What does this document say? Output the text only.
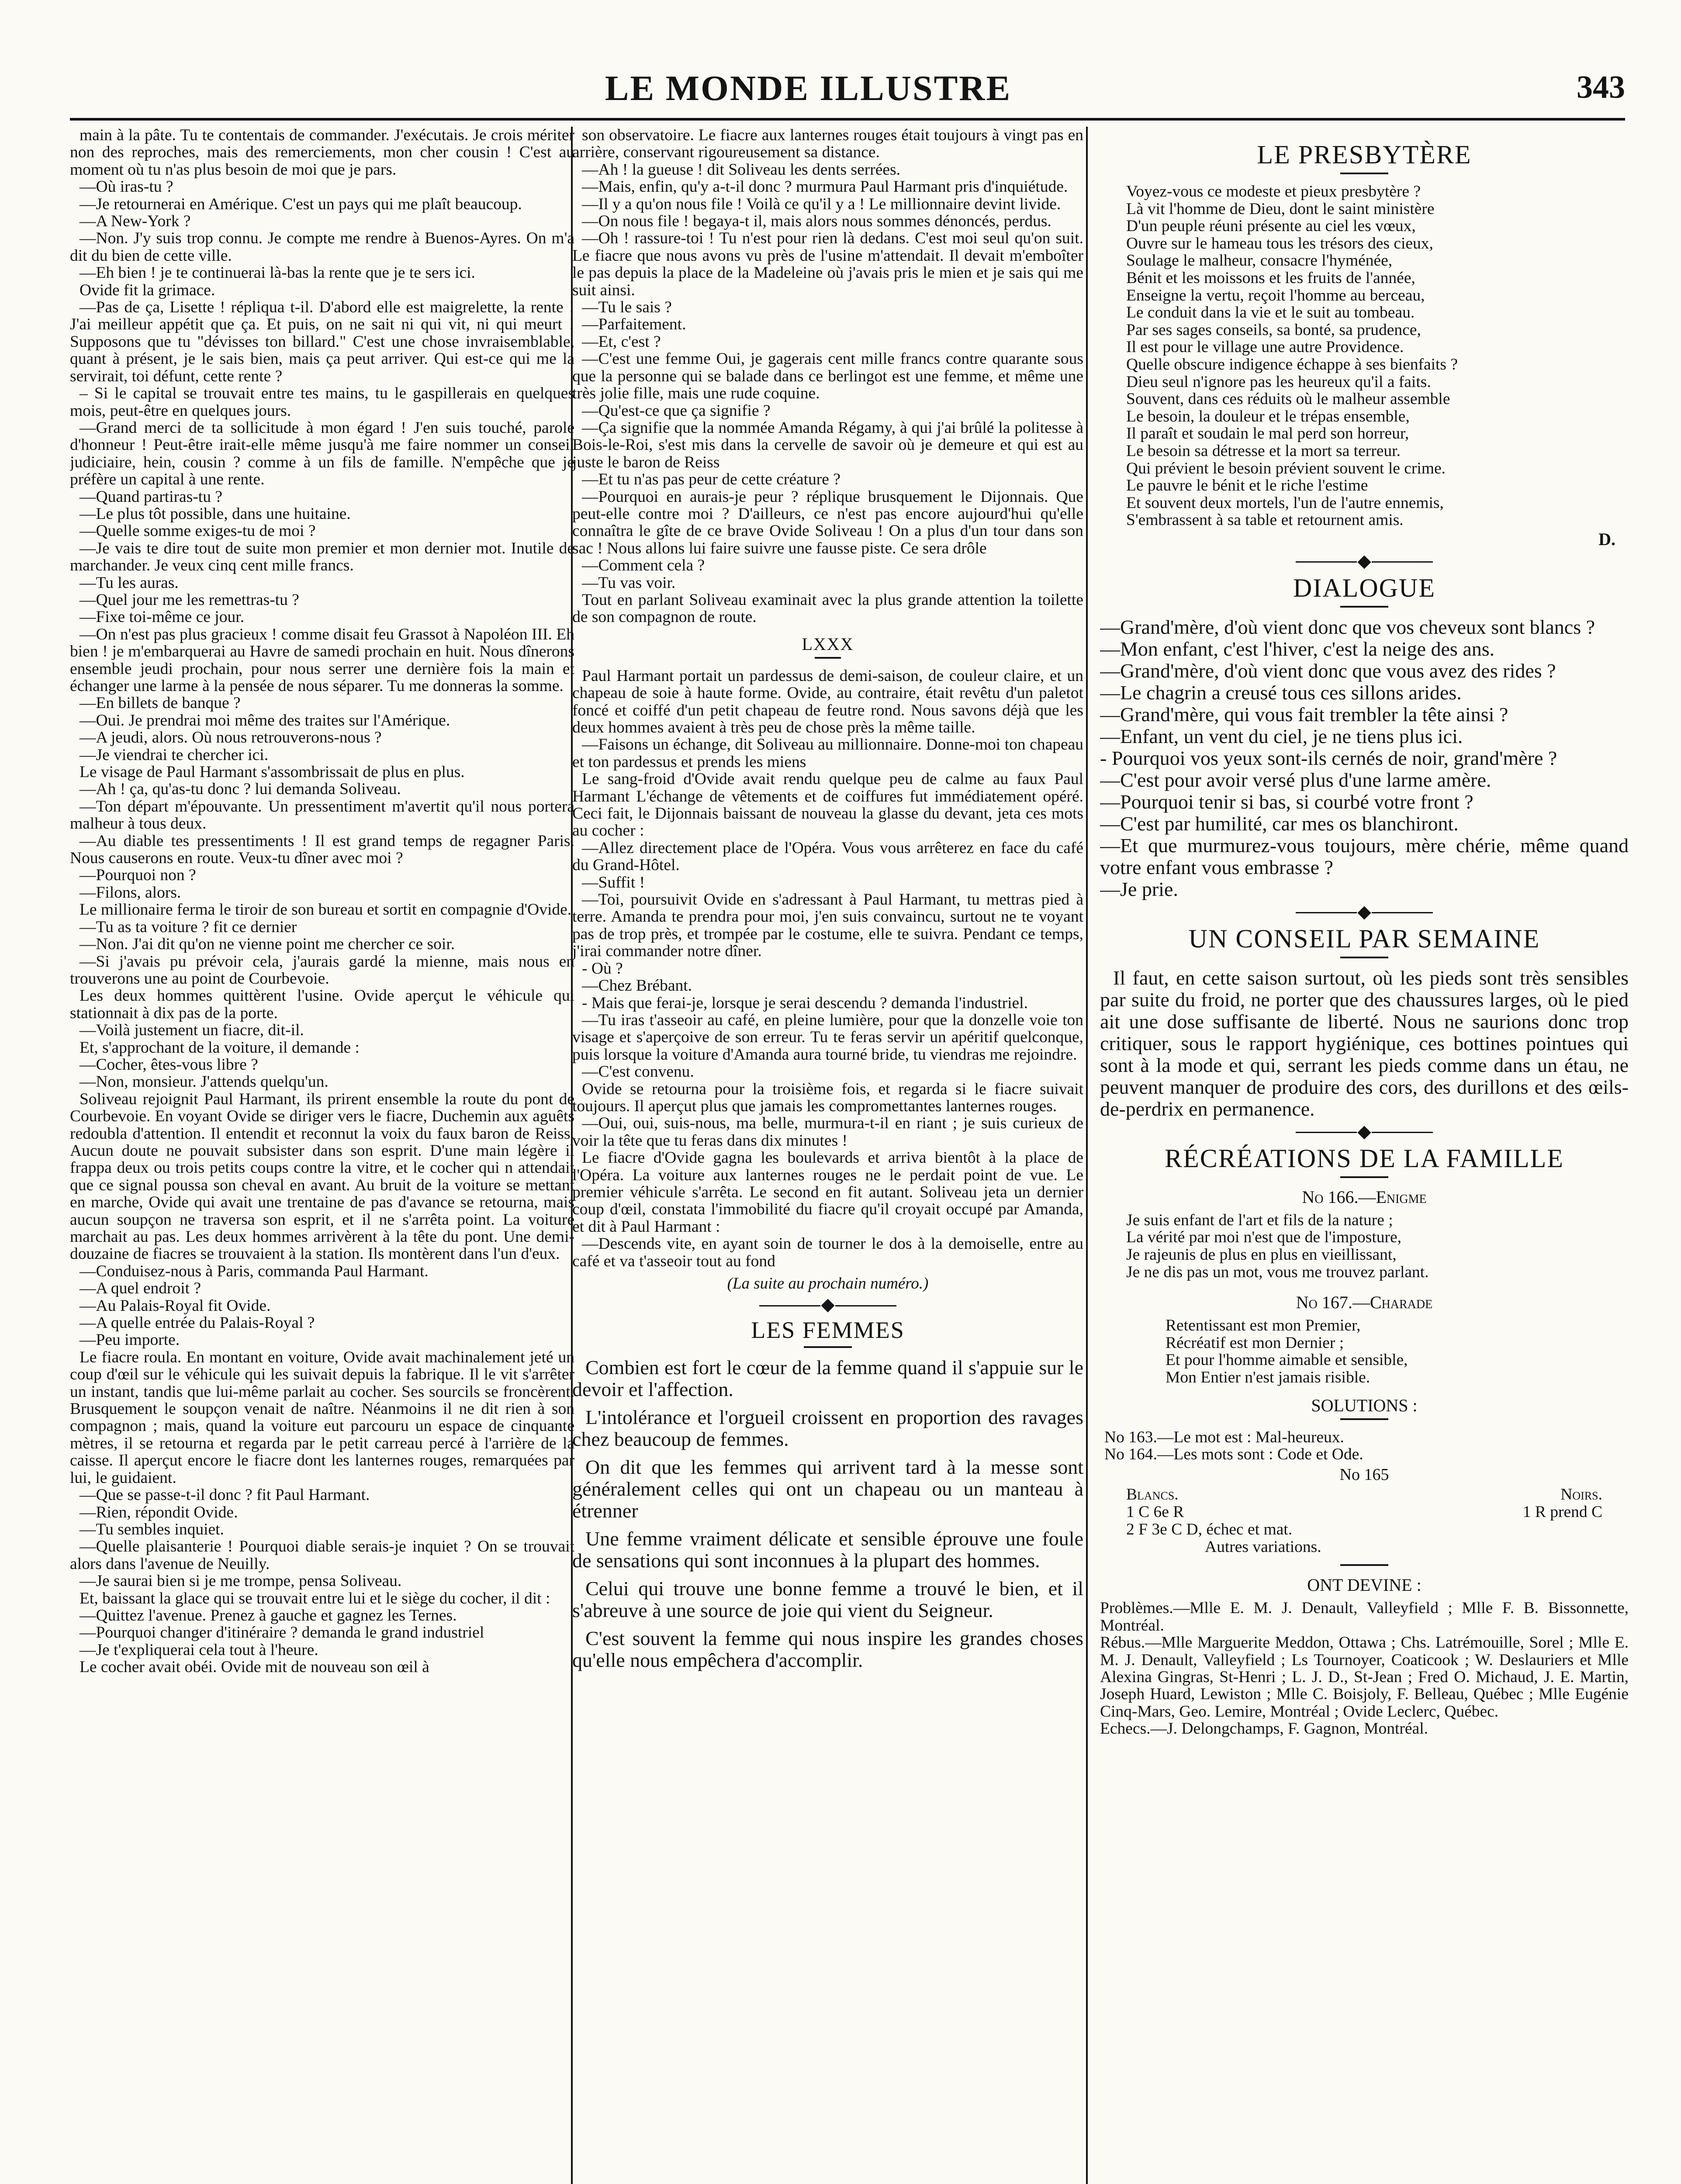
LE MONDE ILLUSTRE	343

main à la pâte. Tu te contentais de commander. J'exécutais. Je crois mériter non des reproches, mais des remerciements, mon cher cousin ! C'est au moment où tu n'as plus besoin de moi que je pars.

—Où iras-tu ?

—Je retournerai en Amérique. C'est un pays qui me plaît beaucoup.

—A New-York ?

—Non. J'y suis trop connu. Je compte me rendre à Buenos-Ayres. On m'a dit du bien de cette ville.

—Eh bien ! je te continuerai là-bas la rente que je te sers ici.

Ovide fit la grimace.

—Pas de ça, Lisette ! répliqua t-il. D'abord elle est maigrelette, la rente ! J'ai meilleur appétit que ça. Et puis, on ne sait ni qui vit, ni qui meurt ! Supposons que tu "dévisses ton billard." C'est une chose invraisemblable, quant à présent, je le sais bien, mais ça peut arriver. Qui est-ce qui me la servirait, toi défunt, cette rente ?

– Si le capital se trouvait entre tes mains, tu le gaspillerais en quelques mois, peut-être en quelques jours.

—Grand merci de ta sollicitude à mon égard ! J'en suis touché, parole d'honneur ! Peut-être irait-elle même jusqu'à me faire nommer un conseil judiciaire, hein, cousin ? comme à un fils de famille. N'empêche que je préfère un capital à une rente.

—Quand partiras-tu ?

—Le plus tôt possible, dans une huitaine.

—Quelle somme exiges-tu de moi ?

—Je vais te dire tout de suite mon premier et mon dernier mot. Inutile de marchander. Je veux cinq cent mille francs.

—Tu les auras.

—Quel jour me les remettras-tu ?

—Fixe toi-même ce jour.

—On n'est pas plus gracieux ! comme disait feu Grassot à Napoléon III. Eh bien ! je m'embarquerai au Havre de samedi prochain en huit. Nous dînerons ensemble jeudi prochain, pour nous serrer une dernière fois la main et échanger une larme à la pensée de nous séparer. Tu me donneras la somme.

—En billets de banque ?

—Oui. Je prendrai moi même des traites sur l'Amérique.

—A jeudi, alors. Où nous retrouverons-nous ?

—Je viendrai te chercher ici.

Le visage de Paul Harmant s'assombrissait de plus en plus.

—Ah ! ça, qu'as-tu donc ? lui demanda Soliveau.

—Ton départ m'épouvante. Un pressentiment m'avertit qu'il nous portera malheur à tous deux.

—Au diable tes pressentiments ! Il est grand temps de regagner Paris. Nous causerons en route. Veux-tu dîner avec moi ?

—Pourquoi non ?

—Filons, alors.

Le millionaire ferma le tiroir de son bureau et sortit en compagnie d'Ovide.

—Tu as ta voiture ? fit ce dernier

—Non. J'ai dit qu'on ne vienne point me chercher ce soir.

—Si j'avais pu prévoir cela, j'aurais gardé la mienne, mais nous en trouverons une au point de Courbevoie.

Les deux hommes quittèrent l'usine. Ovide aperçut le véhicule qui stationnait à dix pas de la porte.

—Voilà justement un fiacre, dit-il.

Et, s'approchant de la voiture, il demande :

—Cocher, êtes-vous libre ?

—Non, monsieur. J'attends quelqu'un.

Soliveau rejoignit Paul Harmant, ils prirent ensemble la route du pont de Courbevoie. En voyant Ovide se diriger vers le fiacre, Duchemin aux aguêts redoubla d'attention. Il entendit et reconnut la voix du faux baron de Reiss. Aucun doute ne pouvait subsister dans son esprit. D'une main légère il frappa deux ou trois petits coups contre la vitre, et le cocher qui n attendait que ce signal poussa son cheval en avant. Au bruit de la voiture se mettant en marche, Ovide qui avait une trentaine de pas d'avance se retourna, mais aucun soupçon ne traversa son esprit, et il ne s'arrêta point. La voiture marchait au pas. Les deux hommes arrivèrent à la tête du pont. Une demi-douzaine de fiacres se trouvaient à la station. Ils montèrent dans l'un d'eux.

—Conduisez-nous à Paris, commanda Paul Harmant.

—A quel endroit ?

—Au Palais-Royal fit Ovide.

—A quelle entrée du Palais-Royal ?

—Peu importe.

Le fiacre roula. En montant en voiture, Ovide avait machinalement jeté un coup d'œil sur le véhicule qui les suivait depuis la fabrique. Il le vit s'arrêter un instant, tandis que lui-même parlait au cocher. Ses sourcils se froncèrent. Brusquement le soupçon venait de naître. Néanmoins il ne dit rien à son compagnon ; mais, quand la voiture eut parcouru un espace de cinquante mètres, il se retourna et regarda par le petit carreau percé à l'arrière de la caisse. Il aperçut encore le fiacre dont les lanternes rouges, remarquées par lui, le guidaient.

—Que se passe-t-il donc ? fit Paul Harmant.

—Rien, répondit Ovide.

—Tu sembles inquiet.

—Quelle plaisanterie ! Pourquoi diable serais-je inquiet ? On se trouvait alors dans l'avenue de Neuilly.

—Je saurai bien si je me trompe, pensa Soliveau.

Et, baissant la glace qui se trouvait entre lui et le siège du cocher, il dit :

—Quittez l'avenue. Prenez à gauche et gagnez les Ternes.

—Pourquoi changer d'itinéraire ? demanda le grand industriel

—Je t'expliquerai cela tout à l'heure.

Le cocher avait obéi. Ovide mit de nouveau son œil à

son observatoire. Le fiacre aux lanternes rouges était toujours à vingt pas en arrière, conservant rigoureusement sa distance.

—Ah ! la gueuse ! dit Soliveau les dents serrées.

—Mais, enfin, qu'y a-t-il donc ? murmura Paul Harmant pris d'inquiétude.

—Il y a qu'on nous file ! Voilà ce qu'il y a ! Le millionnaire devint livide.

—On nous file ! begaya-t il, mais alors nous sommes dénoncés, perdus.

—Oh ! rassure-toi ! Tu n'est pour rien là dedans. C'est moi seul qu'on suit. Le fiacre que nous avons vu près de l'usine m'attendait. Il devait m'emboîter le pas depuis la place de la Madeleine où j'avais pris le mien et je sais qui me suit ainsi.

—Tu le sais ?

—Parfaitement.

—Et, c'est ?

—C'est une femme Oui, je gagerais cent mille francs contre quarante sous que la personne qui se balade dans ce berlingot est une femme, et même une très jolie fille, mais une rude coquine.

—Qu'est-ce que ça signifie ?

—Ça signifie que la nommée Amanda Régamy, à qui j'ai brûlé la politesse à Bois-le-Roi, s'est mis dans la cervelle de savoir où je demeure et qui est au juste le baron de Reiss

—Et tu n'as pas peur de cette créature ?

—Pourquoi en aurais-je peur ? réplique brusquement le Dijonnais. Que peut-elle contre moi ? D'ailleurs, ce n'est pas encore aujourd'hui qu'elle connaîtra le gîte de ce brave Ovide Soliveau ! On a plus d'un tour dans son sac ! Nous allons lui faire suivre une fausse piste. Ce sera drôle

—Comment cela ?

—Tu vas voir.

Tout en parlant Soliveau examinait avec la plus grande attention la toilette de son compagnon de route.

LXXX

Paul Harmant portait un pardessus de demi-saison, de couleur claire, et un chapeau de soie à haute forme. Ovide, au contraire, était revêtu d'un paletot foncé et coiffé d'un petit chapeau de feutre rond. Nous savons déjà que les deux hommes avaient à très peu de chose près la même taille.

—Faisons un échange, dit Soliveau au millionnaire. Donne-moi ton chapeau et ton pardessus et prends les miens

Le sang-froid d'Ovide avait rendu quelque peu de calme au faux Paul Harmant L'échange de vêtements et de coiffures fut immédiatement opéré. Ceci fait, le Dijonnais baissant de nouveau la glasse du devant, jeta ces mots au cocher :

—Allez directement place de l'Opéra. Vous vous arrêterez en face du café du Grand-Hôtel.

—Suffit !

—Toi, poursuivit Ovide en s'adressant à Paul Harmant, tu mettras pied à terre. Amanda te prendra pour moi, j'en suis convaincu, surtout ne te voyant pas de trop près, et trompée par le costume, elle te suivra. Pendant ce temps, j'irai commander notre dîner.

- Où ?

—Chez Brébant.

- Mais que ferai-je, lorsque je serai descendu ? demanda l'industriel.

—Tu iras t'asseoir au café, en pleine lumière, pour que la donzelle voie ton visage et s'aperçoive de son erreur. Tu te feras servir un apéritif quelconque, puis lorsque la voiture d'Amanda aura tourné bride, tu viendras me rejoindre.

—C'est convenu.

Ovide se retourna pour la troisième fois, et regarda si le fiacre suivait toujours. Il aperçut plus que jamais les compromettantes lanternes rouges.

—Oui, oui, suis-nous, ma belle, murmura-t-il en riant ; je suis curieux de voir la tête que tu feras dans dix minutes !

Le fiacre d'Ovide gagna les boulevards et arriva bientôt à la place de l'Opéra. La voiture aux lanternes rouges ne le perdait point de vue. Le premier véhicule s'arrêta. Le second en fit autant. Soliveau jeta un dernier coup d'œil, constata l'immobilité du fiacre qu'il croyait occupé par Amanda, et dit à Paul Harmant :

—Descends vite, en ayant soin de tourner le dos à la demoiselle, entre au café et va t'asseoir tout au fond

(La suite au prochain numéro.)
LES FEMMES

Combien est fort le cœur de la femme quand il s'appuie sur le devoir et l'affection.

L'intolérance et l'orgueil croissent en proportion des ravages chez beaucoup de femmes.

On dit que les femmes qui arrivent tard à la messe sont généralement celles qui ont un chapeau ou un manteau à étrenner

Une femme vraiment délicate et sensible éprouve une foule de sensations qui sont inconnues à la plupart des hommes.

Celui qui trouve une bonne femme a trouvé le bien, et il s'abreuve à une source de joie qui vient du Seigneur.

C'est souvent la femme qui nous inspire les grandes choses qu'elle nous empêchera d'accomplir.

LE PRESBYTÈRE

Voyez-vous ce modeste et pieux presbytère ?

Là vit l'homme de Dieu, dont le saint ministère

D'un peuple réuni présente au ciel les vœux,

Ouvre sur le hameau tous les trésors des cieux,

Soulage le malheur, consacre l'hyménée,

Bénit et les moissons et les fruits de l'année,

Enseigne la vertu, reçoit l'homme au berceau,

Le conduit dans la vie et le suit au tombeau.

Par ses sages conseils, sa bonté, sa prudence,

Il est pour le village une autre Providence.

Quelle obscure indigence échappe à ses bienfaits ?

Dieu seul n'ignore pas les heureux qu'il a faits.

Souvent, dans ces réduits où le malheur assemble

Le besoin, la douleur et le trépas ensemble,

Il paraît et soudain le mal perd son horreur,

Le besoin sa détresse et la mort sa terreur.

Qui prévient le besoin prévient souvent le crime.

Le pauvre le bénit et le riche l'estime

Et souvent deux mortels, l'un de l'autre ennemis,

S'embrassent à sa table et retournent amis.

D.
DIALOGUE

—Grand'mère, d'où vient donc que vos cheveux sont blancs ?

—Mon enfant, c'est l'hiver, c'est la neige des ans.

—Grand'mère, d'où vient donc que vous avez des rides ?

—Le chagrin a creusé tous ces sillons arides.

—Grand'mère, qui vous fait trembler la tête ainsi ?

—Enfant, un vent du ciel, je ne tiens plus ici.

- Pourquoi vos yeux sont-ils cernés de noir, grand'mère ?

—C'est pour avoir versé plus d'une larme amère.

—Pourquoi tenir si bas, si courbé votre front ?

—C'est par humilité, car mes os blanchiront.

—Et que murmurez-vous toujours, mère chérie, même quand votre enfant vous embrasse ?

—Je prie.

UN CONSEIL PAR SEMAINE

Il faut, en cette saison surtout, où les pieds sont très sensibles par suite du froid, ne porter que des chaussures larges, où le pied ait une dose suffisante de liberté. Nous ne saurions donc trop critiquer, sous le rapport hygiénique, ces bottines pointues qui sont à la mode et qui, serrant les pieds comme dans un étau, ne peuvent manquer de produire des cors, des durillons et des œils-de-perdrix en permanence.

RÉCRÉATIONS DE LA FAMILLE
No 166.—Enigme

Je suis enfant de l'art et fils de la nature ;

La vérité par moi n'est que de l'imposture,

Je rajeunis de plus en plus en vieillissant,

Je ne dis pas un mot, vous me trouvez parlant.

No 167.—Charade

Retentissant est mon Premier,

Récréatif est mon Dernier ;

Et pour l'homme aimable et sensible,

Mon Entier n'est jamais risible.

SOLUTIONS :

No 163.—Le mot est : Mal-heureux.

No 164.—Les mots sont : Code et Ode.

No 165
Blancs.	Noirs.
1 C 6e R	1 R prend C
2 F 3e C D, échec et mat.
Autres variations.
ONT DEVINE :

Problèmes.—Mlle E. M. J. Denault, Valleyfield ; Mlle F. B. Bissonnette, Montréal.

Rébus.—Mlle Marguerite Meddon, Ottawa ; Chs. Latrémouille, Sorel ; Mlle E. M. J. Denault, Valleyfield ; Ls Tournoyer, Coaticook ; W. Deslauriers et Mlle Alexina Gingras, St-Henri ; L. J. D., St-Jean ; Fred O. Michaud, J. E. Martin, Joseph Huard, Lewiston ; Mlle C. Boisjoly, F. Belleau, Québec ; Mlle Eugénie Cinq-Mars, Geo. Lemire, Montréal ; Ovide Leclerc, Québec.

Echecs.—J. Delongchamps, F. Gagnon, Montréal.
